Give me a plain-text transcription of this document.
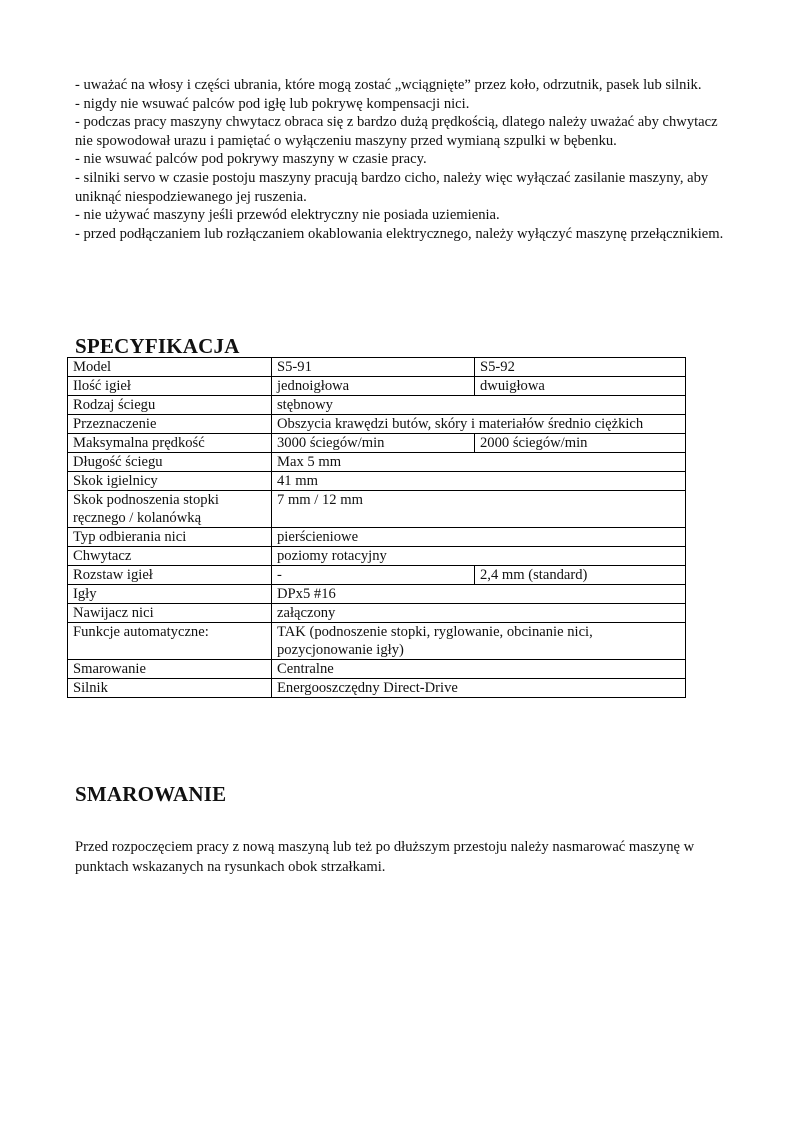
- uważać na włosy i części ubrania, które mogą zostać „wciągnięte” przez koło, odrzutnik, pasek lub silnik.

- nigdy nie wsuwać palców pod igłę lub pokrywę kompensacji nici.

- podczas pracy maszyny chwytacz obraca się z bardzo dużą prędkością, dlatego należy uważać aby chwytacz nie spowodował urazu i pamiętać o wyłączeniu maszyny przed wymianą szpulki w bębenku.

- nie wsuwać palców pod pokrywy maszyny w czasie pracy.

- silniki servo w czasie postoju maszyny pracują bardzo cicho, należy więc wyłączać zasilanie maszyny, aby uniknąć niespodziewanego jej ruszenia.

- nie używać maszyny jeśli przewód elektryczny nie posiada uziemienia.

- przed podłączaniem lub rozłączaniem okablowania elektrycznego, należy wyłączyć maszynę przełącznikiem.

SPECYFIKACJA
Model	S5-91	S5-92
Ilość igieł	jednoigłowa	dwuigłowa
Rodzaj ściegu	stębnowy	
Przeznaczenie	Obszycia krawędzi butów, skóry i materiałów średnio ciężkich	
Maksymalna prędkość	3000 ściegów/min	2000 ściegów/min
Długość ściegu	Max 5 mm	
Skok igielnicy	41 mm	
Skok podnoszenia stopki ręcznego / kolanówką	7 mm / 12 mm	
Typ odbierania nici	pierścieniowe	
Chwytacz	poziomy rotacyjny	
Rozstaw igieł	-	2,4 mm (standard)
Igły	DPx5 #16	
Nawijacz nici	załączony	
Funkcje automatyczne:	TAK (podnoszenie stopki, ryglowanie, obcinanie nici, pozycjonowanie igły)	
Smarowanie	Centralne	
Silnik	Energooszczędny Direct-Drive	
SMAROWANIE

Przed rozpoczęciem pracy z nową maszyną lub też po dłuższym przestoju należy nasmarować maszynę w punktach wskazanych na rysunkach obok strzałkami.
